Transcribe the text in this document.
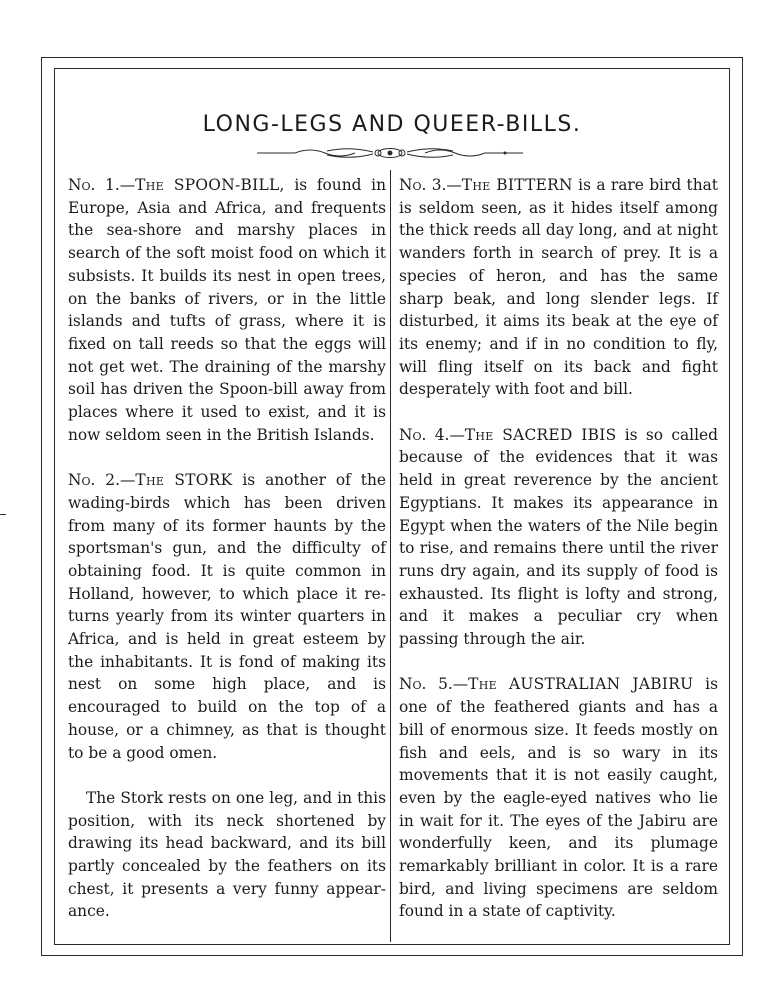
LONG-LEGS AND QUEER-BILLS.

No. 1.—The SPOON-BILL, is found in Europe, Asia and Africa, and frequents the sea-shore and marshy places in search of the soft moist food on which it subsists. It builds its nest in open trees, on the banks of rivers, or in the little islands and tufts of grass, where it is fixed on tall reeds so that the eggs will not get wet. The draining of the marshy soil has driven the Spoon-bill away from places where it used to exist, and it is now seldom seen in the British Islands.

No. 2.—The STORK is another of the wading-birds which has been driven from many of its former haunts by the sportsman's gun, and the difficulty of obtaining food. It is quite common in Holland, however, to which place it returns yearly from its winter quarters in Africa, and is held in great esteem by the inhabitants. It is fond of making its nest on some high place, and is encouraged to build on the top of a house, or a chimney, as that is thought to be a good omen.

The Stork rests on one leg, and in this position, with its neck shortened by drawing its head backward, and its bill partly concealed by the feathers on its chest, it presents a very funny appearance.

No. 3.—The BITTERN is a rare bird that is seldom seen, as it hides itself among the thick reeds all day long, and at night wanders forth in search of prey. It is a species of heron, and has the same sharp beak, and long slender legs. If disturbed, it aims its beak at the eye of its enemy; and if in no condition to fly, will fling itself on its back and fight desperately with foot and bill.

No. 4.—The SACRED IBIS is so called because of the evidences that it was held in great reverence by the ancient Egyptians. It makes its appearance in Egypt when the waters of the Nile begin to rise, and remains there until the river runs dry again, and its supply of food is exhausted. Its flight is lofty and strong, and it makes a peculiar cry when passing through the air.

No. 5.—The AUSTRALIAN JABIRU is one of the feathered giants and has a bill of enormous size. It feeds mostly on fish and eels, and is so wary in its movements that it is not easily caught, even by the eagle-eyed natives who lie in wait for it. The eyes of the Jabiru are wonderfully keen, and its plumage remarkably brilliant in color. It is a rare bird, and living specimens are seldom found in a state of captivity.
